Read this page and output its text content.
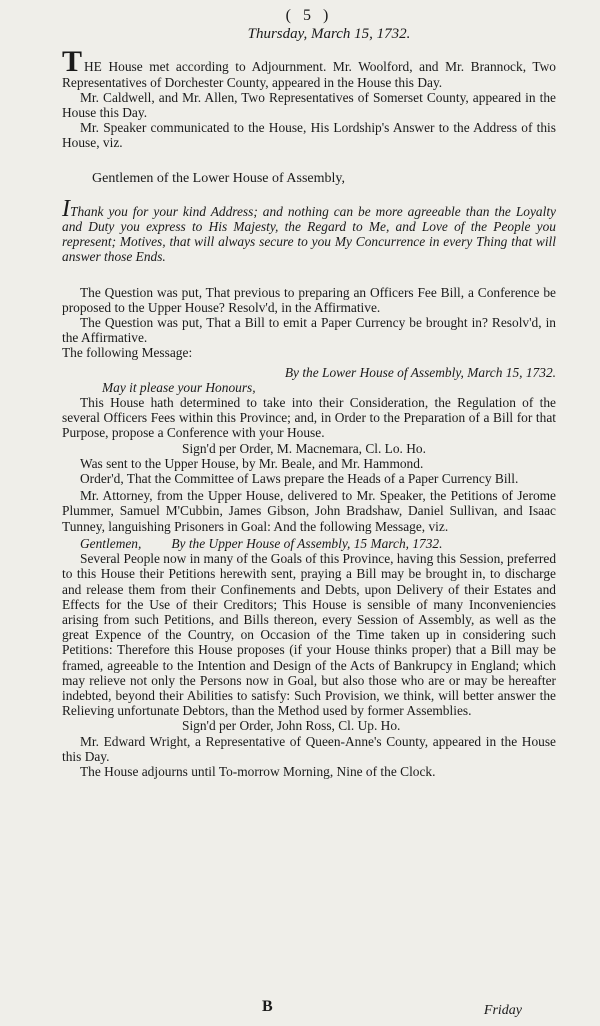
( 5 )
Thursday, March 15, 1732.

THE House met according to Adjournment. Mr. Woolford, and Mr. Brannock, Two Representatives of Dorchester County, appeared in the House this Day.

Mr. Caldwell, and Mr. Allen, Two Representatives of Somerset County, appeared in the House this Day.

Mr. Speaker communicated to the House, His Lordship's Answer to the Address of this House, viz.

Gentlemen of the Lower House of Assembly,

IThank you for your kind Address; and nothing can be more agreeable than the Loyalty and Duty you express to His Majesty, the Regard to Me, and Love of the People you represent; Motives, that will always secure to you My Concurrence in every Thing that will answer those Ends.

The Question was put, That previous to preparing an Officers Fee Bill, a Conference be proposed to the Upper House? Resolv'd, in the Affirmative.

The Question was put, That a Bill to emit a Paper Currency be brought in? Resolv'd, in the Affirmative.

The following Message:

By the Lower House of Assembly, March 15, 1732.

May it please your Honours,

This House hath determined to take into their Consideration, the Regulation of the several Officers Fees within this Province; and, in Order to the Preparation of a Bill for that Purpose, propose a Conference with your House.

Sign'd per Order, M. Macnemara, Cl. Lo. Ho.

Was sent to the Upper House, by Mr. Beale, and Mr. Hammond.

Order'd, That the Committee of Laws prepare the Heads of a Paper Currency Bill.

Mr. Attorney, from the Upper House, delivered to Mr. Speaker, the Petitions of Jerome Plummer, Samuel M'Cubbin, James Gibson, John Bradshaw, Daniel Sullivan, and Isaac Tunney, languishing Prisoners in Goal: And the following Message, viz.

Gentlemen, By the Upper House of Assembly, 15 March, 1732.

Several People now in many of the Goals of this Province, having this Session, preferred to this House their Petitions herewith sent, praying a Bill may be brought in, to discharge and release them from their Confinements and Debts, upon Delivery of their Estates and Effects for the Use of their Creditors; This House is sensible of many Inconveniencies arising from such Petitions, and Bills thereon, every Session of Assembly, as well as the great Expence of the Country, on Occasion of the Time taken up in considering such Petitions: Therefore this House proposes (if your House thinks proper) that a Bill may be framed, agreeable to the Intention and Design of the Acts of Bankrupcy in England; which may relieve not only the Persons now in Goal, but also those who are or may be hereafter indebted, beyond their Abilities to satisfy: Such Provision, we think, will better answer the Relieving unfortunate Debtors, than the Method used by former Assemblies.

Sign'd per Order, John Ross, Cl. Up. Ho.

Mr. Edward Wright, a Representative of Queen-Anne's County, appeared in the House this Day.

The House adjourns until To-morrow Morning, Nine of the Clock.

B	Friday
